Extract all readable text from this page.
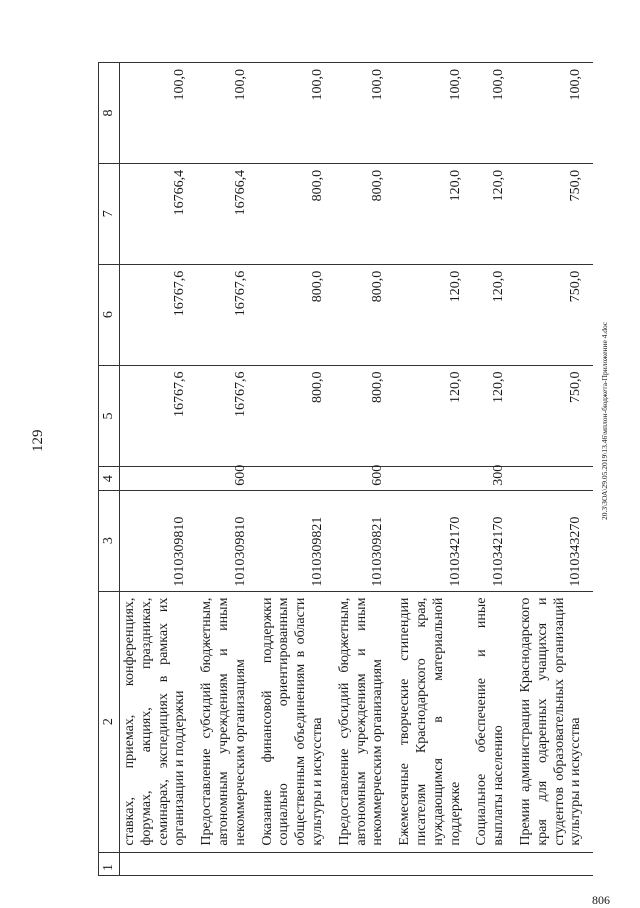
129
1	2	3	4	5	6	7	8
	ставках, приемах, конференциях, форумах, акциях, праздниках, семинарах, экспедициях в рамках их организации и поддержки	1010309810		16767,6	16767,6	16766,4	100,0
	Предоставление субсидий бюджетным, автономным учреждениям и иным некоммерческим организациям	1010309810	600	16767,6	16767,6	16766,4	100,0
	Оказание финансовой поддержки социально ориентированным общественным объединениям в области культуры и искусства	1010309821		800,0	800,0	800,0	100,0
	Предоставление субсидий бюджетным, автономным учреждениям и иным некоммерческим организациям	1010309821	600	800,0	800,0	800,0	100,0
	Ежемесячные творческие стипендии писателям Краснодарского края, нуждающимся в материальной поддержке	1010342170		120,0	120,0	120,0	100,0
	Социальное обеспечение и иные выплаты населению	1010342170	300	120,0	120,0	120,0	100,0
	Премии администрации Краснодарского края для одаренных учащихся и студентов образовательных организаций культуры и искусства	1010343270		750,0	750,0	750,0	100,0
20.3\ЗОА\29.05.2019\13.46\мплон-бюджета-Приложение 4.doc
806
